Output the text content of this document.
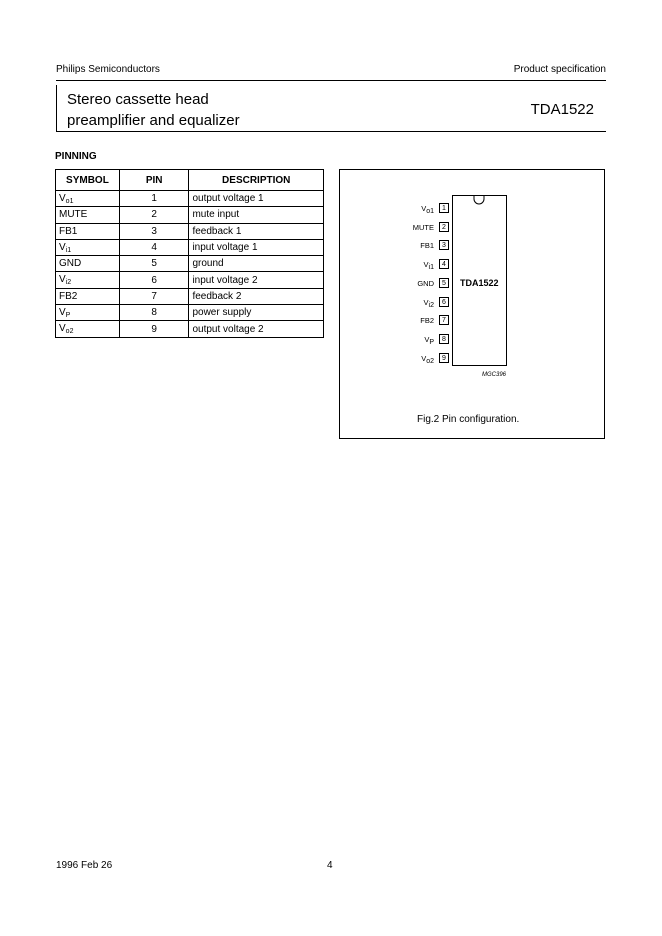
Philips Semiconductors	Product specification
Stereo cassette head
preamplifier and equalizer
TDA1522
PINNING
SYMBOL	PIN	DESCRIPTION
$V_{o1}$	1	output voltage 1
MUTE	2	mute input
FB1	3	feedback 1
$V_{i1}$	4	input voltage 1
GND	5	ground
$V_{i2}$	6	input voltage 2
FB2	7	feedback 2
$V_P$	8	power supply
$V_{o2}$	9	output voltage 2
TDA1522
1
$V_{o1}$
2
MUTE
3
FB1
4
$V_{i1}$
5
GND
6
$V_{i2}$
7
FB2
8
$V_P$
9
$V_{o2}$
MGC396
Fig.2 Pin configuration.
1996 Feb 26	4
